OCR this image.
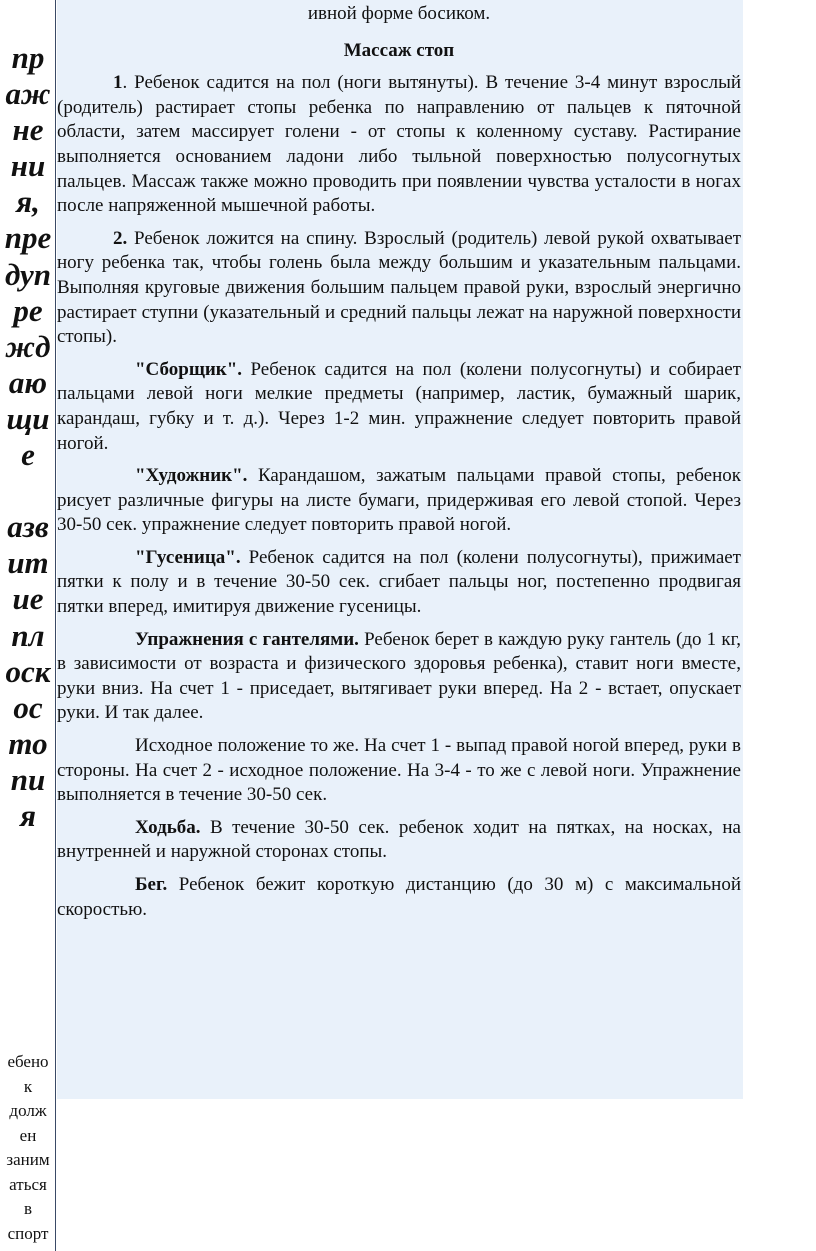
пр
аж
не
ни
я,
пре
дуп
ре
жд
аю
щи
е

азв
ит
ие
пл
оск
ос
то
пи
я
ебено
к
долж
ен
заним
аться
в
спорт

ивной форме босиком.

Массаж стоп

1. Ребенок садится на пол (ноги вытянуты). В течение 3-4 минут взрослый (родитель) растирает стопы ребенка по направлению от пальцев к пяточной области, затем массирует голени - от стопы к коленному суставу. Растирание выполняется основанием ладони либо тыльной поверхностью полусогнутых пальцев. Массаж также можно проводить при появлении чувства усталости в ногах после напряженной мышечной работы.

2. Ребенок ложится на спину. Взрослый (родитель) левой рукой охватывает ногу ребенка так, чтобы голень была между большим и указательным пальцами. Выполняя круговые движения большим пальцем правой руки, взрослый энергично растирает ступни (указательный и средний пальцы лежат на наружной поверхности стопы).

"Сборщик". Ребенок садится на пол (колени полусогнуты) и собирает пальцами левой ноги мелкие предметы (например, ластик, бумажный шарик, карандаш, губку и т. д.). Через 1-2 мин. упражнение следует повторить правой ногой.

"Художник". Карандашом, зажатым пальцами правой стопы, ребенок рисует различные фигуры на листе бумаги, придерживая его левой стопой. Через 30-50 сек. упражнение следует повторить правой ногой.

"Гусеница". Ребенок садится на пол (колени полусогнуты), прижимает пятки к полу и в течение 30-50 сек. сгибает пальцы ног, постепенно продвигая пятки вперед, имитируя движение гусеницы.

Упражнения с гантелями. Ребенок берет в каждую руку гантель (до 1 кг, в зависимости от возраста и физического здоровья ребенка), ставит ноги вместе, руки вниз. На счет 1 - приседает, вытягивает руки вперед. На 2 - встает, опускает руки. И так далее.

Исходное положение то же. На счет 1 - выпад правой ногой вперед, руки в стороны. На счет 2 - исходное положение. На 3-4 - то же с левой ноги. Упражнение выполняется в течение 30-50 сек.

Ходьба. В течение 30-50 сек. ребенок ходит на пятках, на носках, на внутренней и наружной сторонах стопы.

Бег. Ребенок бежит короткую дистанцию (до 30 м) с максимальной скоростью.
